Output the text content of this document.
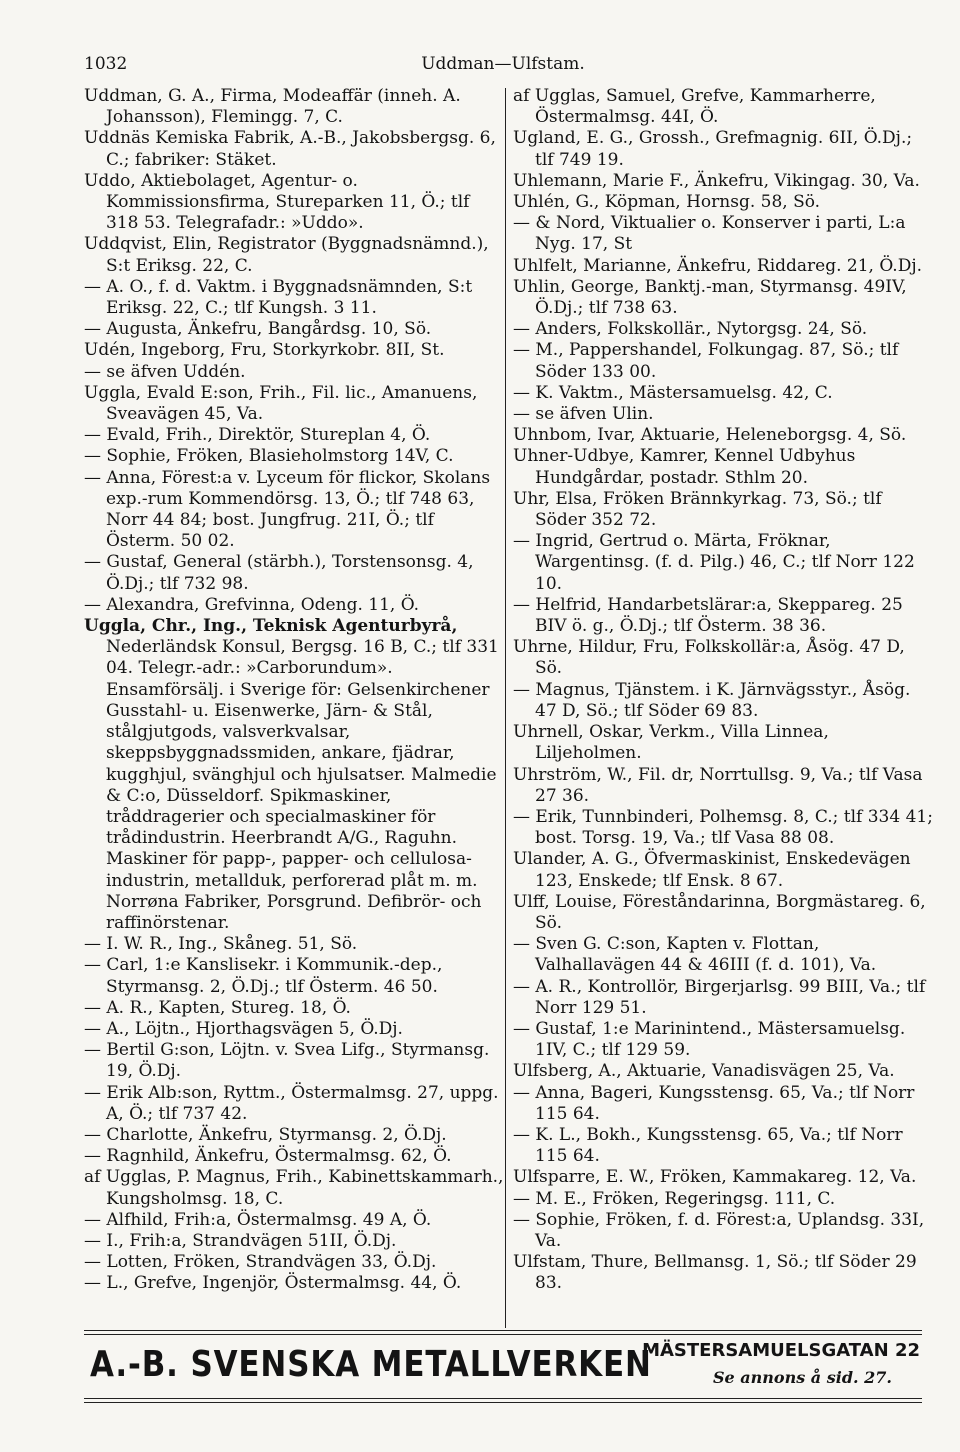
1032	Uddman—Ulfstam.

Uddman, G. A., Firma, Modeaffär (inneh. A. Johansson), Flemingg. 7, C.

Uddnäs Kemiska Fabrik, A.-B., Jakobsbergsg. 6, C.; fabriker: Stäket.

Uddo, Aktiebolaget, Agentur- o. Kommissionsfirma, Stureparken 11, Ö.; tlf 318 53. Telegrafadr.: »Uddo».

Uddqvist, Elin, Registrator (Byggnadsnämnd.), S:t Eriksg. 22, C.

— A. O., f. d. Vaktm. i Byggnadsnämnden, S:t Eriksg. 22, C.; tlf Kungsh. 3 11.

— Augusta, Änkefru, Bangårdsg. 10, Sö.

Udén, Ingeborg, Fru, Storkyrkobr. 8II, St.

— se äfven Uddén.

Uggla, Evald E:son, Frih., Fil. lic., Amanuens, Sveavägen 45, Va.

— Evald, Frih., Direktör, Stureplan 4, Ö.

— Sophie, Fröken, Blasieholmstorg 14V, C.

— Anna, Förest:a v. Lyceum för flickor, Skolans exp.-rum Kommendörsg. 13, Ö.; tlf 748 63, Norr 44 84; bost. Jungfrug. 21I, Ö.; tlf Österm. 50 02.

— Gustaf, General (stärbh.), Torstensonsg. 4, Ö.Dj.; tlf 732 98.

— Alexandra, Grefvinna, Odeng. 11, Ö.

Uggla, Chr., Ing., Teknisk Agenturbyrå, Nederländsk Konsul, Bergsg. 16 B, C.; tlf 331 04. Telegr.-adr.: »Carborundum». Ensamförsälj. i Sverige för: Gelsenkirchener Gusstahl- u. Eisenwerke, Järn- & Stål, stålgjutgods, valsverkvalsar, skeppsbyggnadssmiden, ankare, fjädrar, kugghjul, svänghjul och hjulsatser. Malmedie & C:o, Düsseldorf. Spikmaskiner, tråddragerier och specialmaskiner för trådindustrin. Heerbrandt A/G., Raguhn. Maskiner för papp-, papper- och cellulosa-industrin, metallduk, perforerad plåt m. m. Norrøna Fabriker, Porsgrund. Defibrör- och raffinörstenar.

— I. W. R., Ing., Skåneg. 51, Sö.

— Carl, 1:e Kanslisekr. i Kommunik.-dep., Styrmansg. 2, Ö.Dj.; tlf Österm. 46 50.

— A. R., Kapten, Stureg. 18, Ö.

— A., Löjtn., Hjorthagsvägen 5, Ö.Dj.

— Bertil G:son, Löjtn. v. Svea Lifg., Styrmansg. 19, Ö.Dj.

— Erik Alb:son, Ryttm., Östermalmsg. 27, uppg. A, Ö.; tlf 737 42.

— Charlotte, Änkefru, Styrmansg. 2, Ö.Dj.

— Ragnhild, Änkefru, Östermalmsg. 62, Ö.

af Ugglas, P. Magnus, Frih., Kabinettskammarh., Kungsholmsg. 18, C.

— Alfhild, Frih:a, Östermalmsg. 49 A, Ö.

— I., Frih:a, Strandvägen 51II, Ö.Dj.

— Lotten, Fröken, Strandvägen 33, Ö.Dj.

— L., Grefve, Ingenjör, Östermalmsg. 44, Ö.

af Ugglas, Samuel, Grefve, Kammarherre, Östermalmsg. 44I, Ö.

Ugland, E. G., Grossh., Grefmagnig. 6II, Ö.Dj.; tlf 749 19.

Uhlemann, Marie F., Änkefru, Vikingag. 30, Va.

Uhlén, G., Köpman, Hornsg. 58, Sö.

— & Nord, Viktualier o. Konserver i parti, L:a Nyg. 17, St

Uhlfelt, Marianne, Änkefru, Riddareg. 21, Ö.Dj.

Uhlin, George, Banktj.-man, Styrmansg. 49IV, Ö.Dj.; tlf 738 63.

— Anders, Folkskollär., Nytorgsg. 24, Sö.

— M., Pappershandel, Folkungag. 87, Sö.; tlf Söder 133 00.

— K. Vaktm., Mästersamuelsg. 42, C.

— se äfven Ulin.

Uhnbom, Ivar, Aktuarie, Heleneborgsg. 4, Sö.

Uhner-Udbye, Kamrer, Kennel Udbyhus Hundgårdar, postadr. Sthlm 20.

Uhr, Elsa, Fröken Brännkyrkag. 73, Sö.; tlf Söder 352 72.

— Ingrid, Gertrud o. Märta, Fröknar, Wargentinsg. (f. d. Pilg.) 46, C.; tlf Norr 122 10.

— Helfrid, Handarbetslärar:a, Skeppareg. 25 BIV ö. g., Ö.Dj.; tlf Österm. 38 36.

Uhrne, Hildur, Fru, Folkskollär:a, Åsög. 47 D, Sö.

— Magnus, Tjänstem. i K. Järnvägsstyr., Åsög. 47 D, Sö.; tlf Söder 69 83.

Uhrnell, Oskar, Verkm., Villa Linnea, Liljeholmen.

Uhrström, W., Fil. dr, Norrtullsg. 9, Va.; tlf Vasa 27 36.

— Erik, Tunnbinderi, Polhemsg. 8, C.; tlf 334 41; bost. Torsg. 19, Va.; tlf Vasa 88 08.

Ulander, A. G., Öfvermaskinist, Enskedevägen 123, Enskede; tlf Ensk. 8 67.

Ulff, Louise, Föreståndarinna, Borgmästareg. 6, Sö.

— Sven G. C:son, Kapten v. Flottan, Valhallavägen 44 & 46III (f. d. 101), Va.

— A. R., Kontrollör, Birgerjarlsg. 99 BIII, Va.; tlf Norr 129 51.

— Gustaf, 1:e Marinintend., Mästersamuelsg. 1IV, C.; tlf 129 59.

Ulfsberg, A., Aktuarie, Vanadisvägen 25, Va.

— Anna, Bageri, Kungsstensg. 65, Va.; tlf Norr 115 64.

— K. L., Bokh., Kungsstensg. 65, Va.; tlf Norr 115 64.

Ulfsparre, E. W., Fröken, Kammakareg. 12, Va.

— M. E., Fröken, Regeringsg. 111, C.

— Sophie, Fröken, f. d. Förest:a, Uplandsg. 33I, Va.

Ulfstam, Thure, Bellmansg. 1, Sö.; tlf Söder 29 83.

A.-B. SVENSKA METALLVERKEN
MÄSTERSAMUELSGATAN 22
Se annons å sid. 27.
